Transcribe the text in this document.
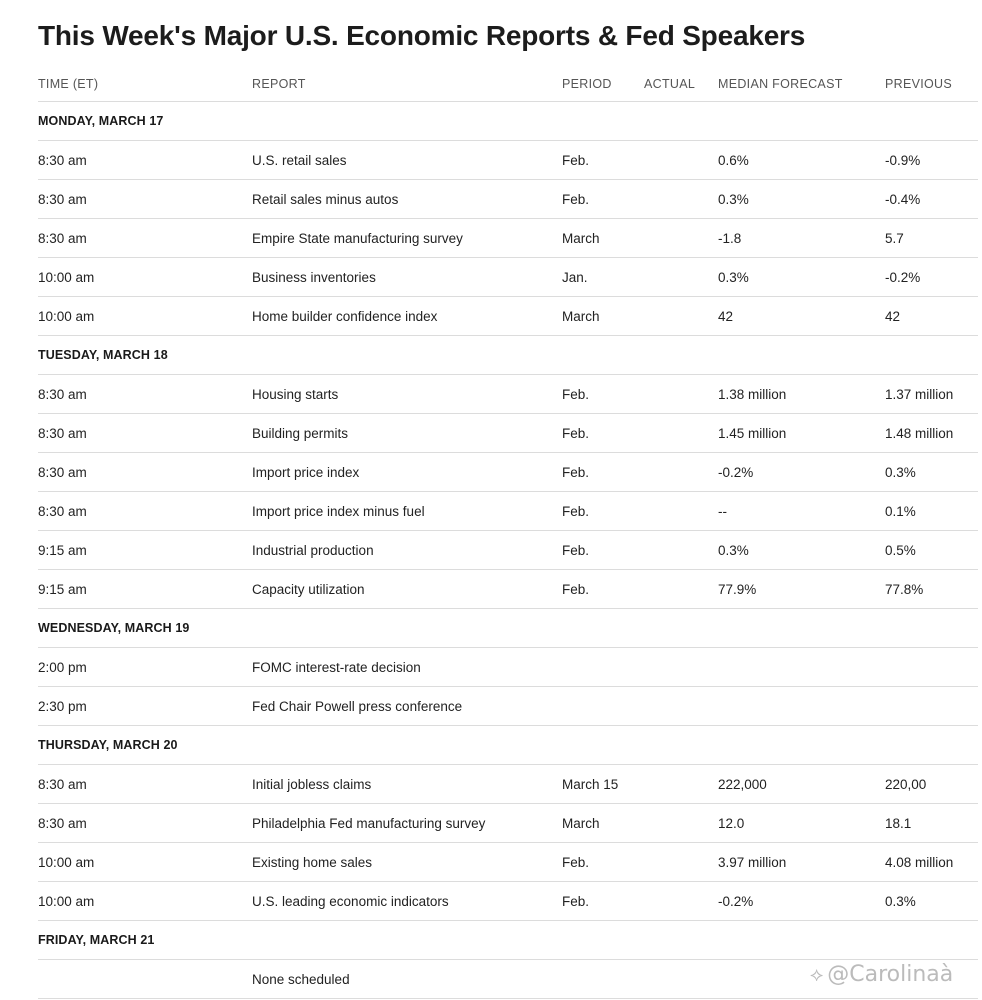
This Week's Major U.S. Economic Reports & Fed Speakers
TIME (ET)	REPORT	PERIOD	ACTUAL	MEDIAN FORECAST	PREVIOUS
MONDAY, MARCH 17					
8:30 am	U.S. retail sales	Feb.		0.6%	-0.9%
8:30 am	Retail sales minus autos	Feb.		0.3%	-0.4%
8:30 am	Empire State manufacturing survey	March		-1.8	5.7
10:00 am	Business inventories	Jan.		0.3%	-0.2%
10:00 am	Home builder confidence index	March		42	42
TUESDAY, MARCH 18					
8:30 am	Housing starts	Feb.		1.38 million	1.37 million
8:30 am	Building permits	Feb.		1.45 million	1.48 million
8:30 am	Import price index	Feb.		-0.2%	0.3%
8:30 am	Import price index minus fuel	Feb.		--	0.1%
9:15 am	Industrial production	Feb.		0.3%	0.5%
9:15 am	Capacity utilization	Feb.		77.9%	77.8%
WEDNESDAY, MARCH 19					
2:00 pm	FOMC interest-rate decision				
2:30 pm	Fed Chair Powell press conference				
THURSDAY, MARCH 20					
8:30 am	Initial jobless claims	March 15		222,000	220,00
8:30 am	Philadelphia Fed manufacturing survey	March		12.0	18.1
10:00 am	Existing home sales	Feb.		3.97 million	4.08 million
10:00 am	U.S. leading economic indicators	Feb.		-0.2%	0.3%
FRIDAY, MARCH 21					
	None scheduled					⟡ @Carolinaà
